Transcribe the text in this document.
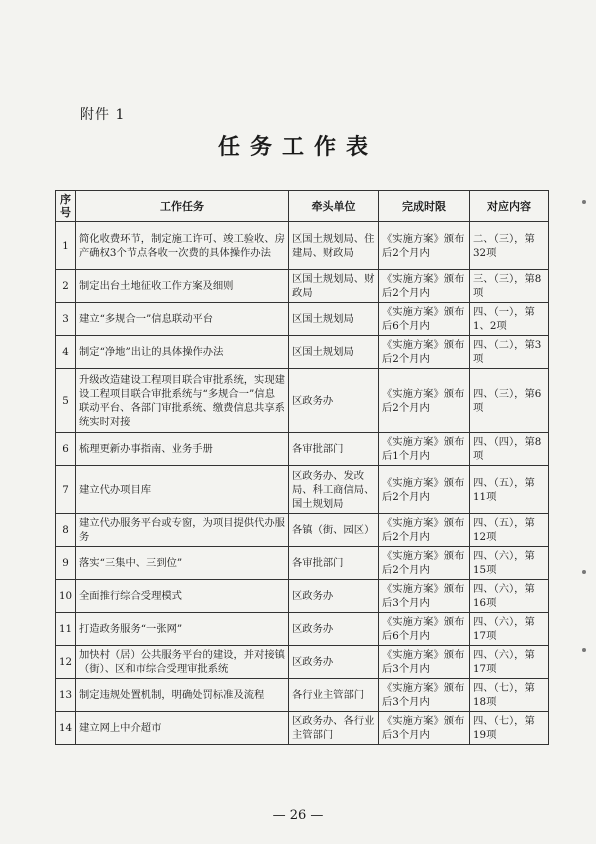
附件 1
任务工作表
序号	工作任务	牵头单位	完成时限	对应内容
1	简化收费环节，制定施工许可、竣工验收、房产确权3个节点各收一次费的具体操作办法	区国土规划局、住建局、财政局	《实施方案》颁布后2个月内	二、（三），第32项
2	制定出台土地征收工作方案及细则	区国土规划局、财政局	《实施方案》颁布后2个月内	三、（三），第8项
3	建立“多规合一”信息联动平台	区国土规划局	《实施方案》颁布后6个月内	四、（一），第1、2项
4	制定“净地”出让的具体操作办法	区国土规划局	《实施方案》颁布后2个月内	四、（二），第3项
5	升级改造建设工程项目联合审批系统，实现建设工程项目联合审批系统与“多规合一”信息联动平台、各部门审批系统、缴费信息共享系统实时对接	区政务办	《实施方案》颁布后2个月内	四、（三），第6项
6	梳理更新办事指南、业务手册	各审批部门	《实施方案》颁布后1个月内	四、（四），第8项
7	建立代办项目库	区政务办、发改局、科工商信局、国土规划局	《实施方案》颁布后2个月内	四、（五），第11项
8	建立代办服务平台或专窗，为项目提供代办服务	各镇（街、园区）	《实施方案》颁布后2个月内	四、（五），第12项
9	落实“三集中、三到位”	各审批部门	《实施方案》颁布后2个月内	四、（六），第15项
10	全面推行综合受理模式	区政务办	《实施方案》颁布后3个月内	四、（六），第16项
11	打造政务服务“一张网”	区政务办	《实施方案》颁布后6个月内	四、（六），第17项
12	加快村（居）公共服务平台的建设，并对接镇（街）、区和市综合受理审批系统	区政务办	《实施方案》颁布后3个月内	四、（六），第17项
13	制定违规处置机制，明确处罚标准及流程	各行业主管部门	《实施方案》颁布后3个月内	四、（七），第18项
14	建立网上中介超市	区政务办、各行业主管部门	《实施方案》颁布后3个月内	四、（七），第19项
— 26 —
